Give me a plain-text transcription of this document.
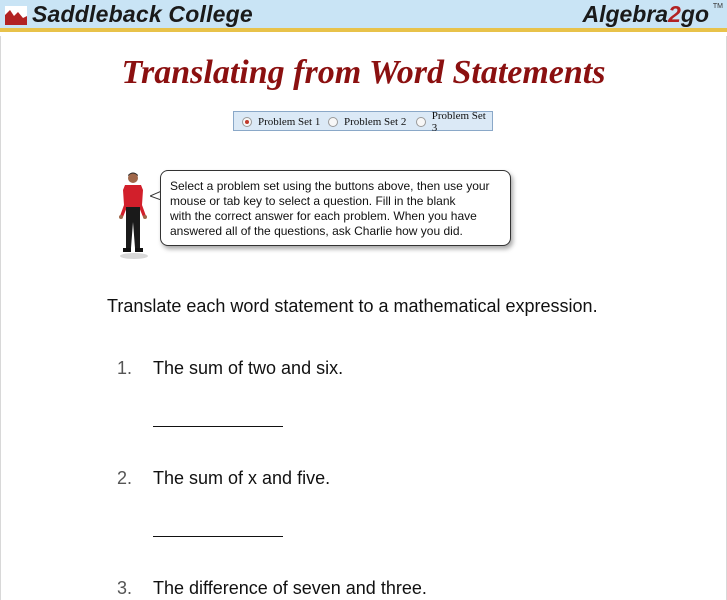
Saddleback College	Algebra2go TM
Translating from Word Statements
Problem Set 1 Problem Set 2 Problem Set 3
Select a problem set using the buttons above, then use your
mouse or tab key to select a question. Fill in the blank
with the correct answer for each problem. When you have
answered all of the questions, ask Charlie how you did.
Translate each word statement to a mathematical expression.
1. The sum of two and six.
2. The sum of x and five.
3. The difference of seven and three.
